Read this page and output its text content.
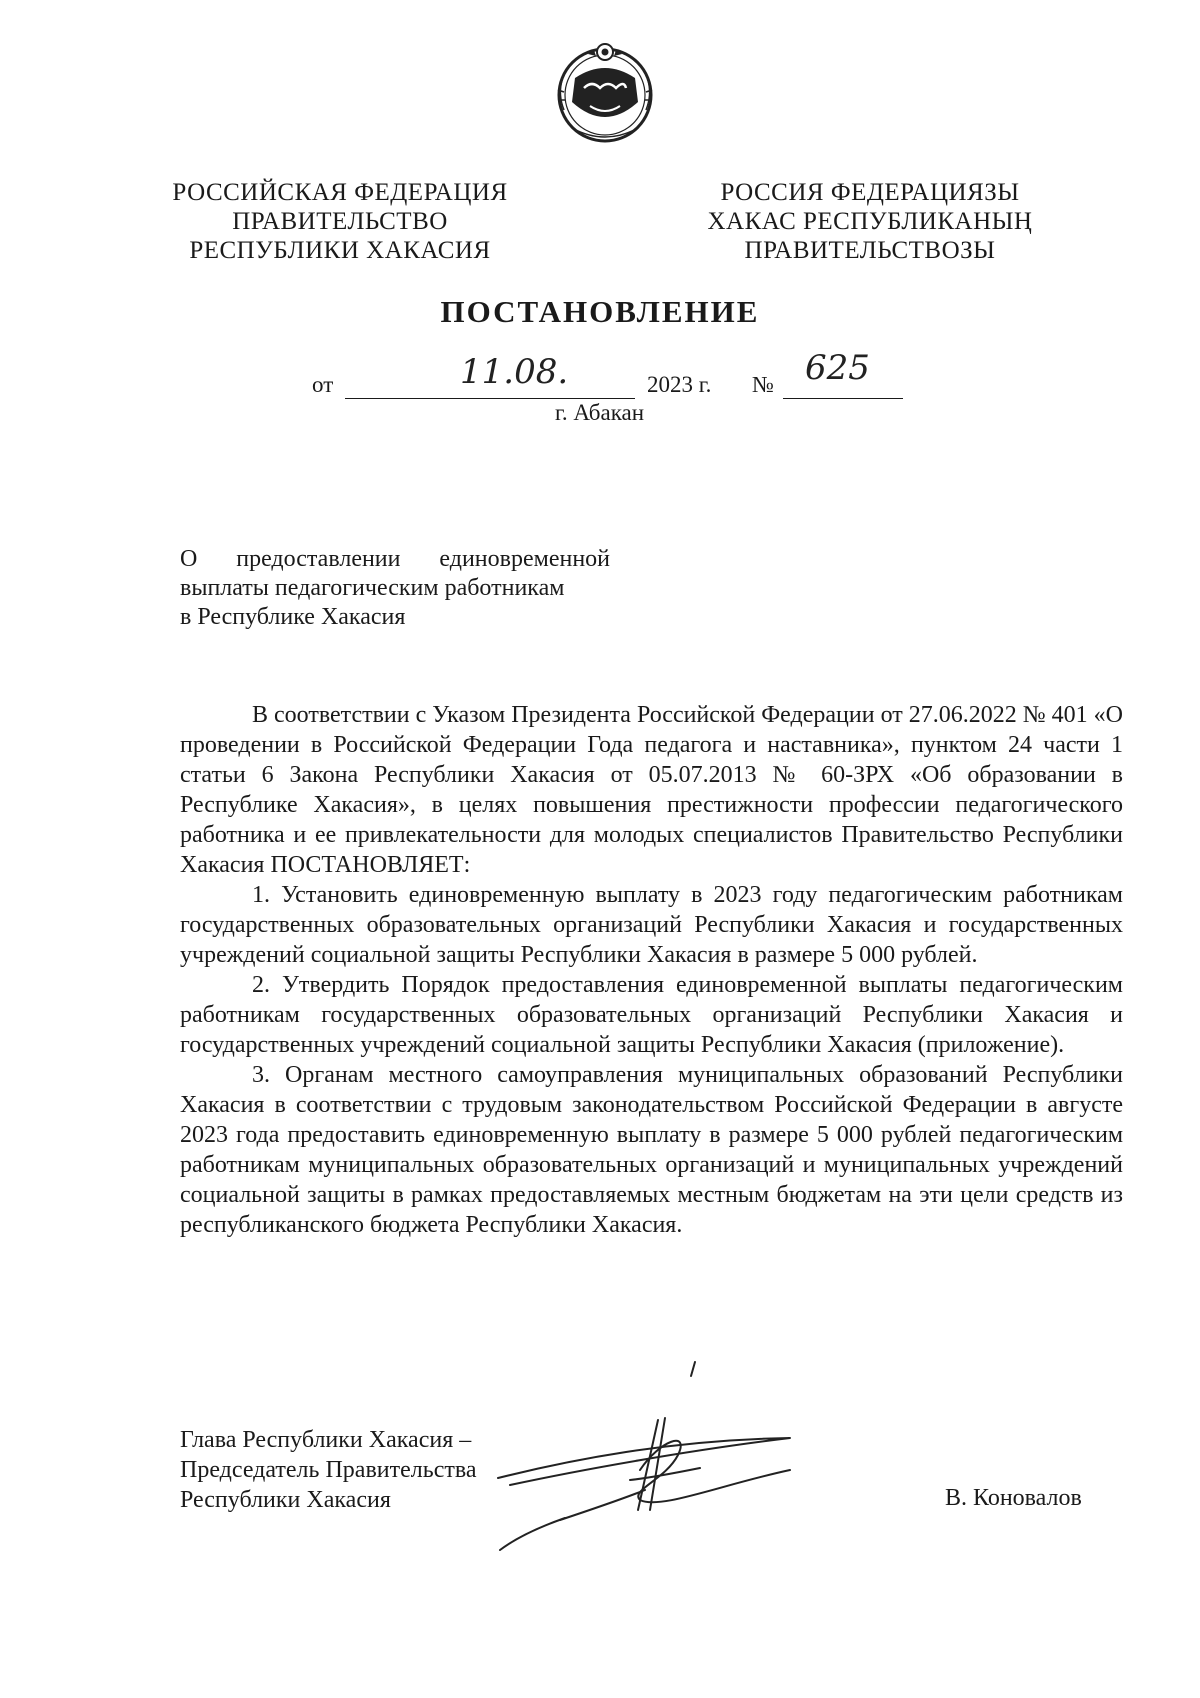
РОССИЙСКАЯ ФЕДЕРАЦИЯ
ПРАВИТЕЛЬСТВО
РЕСПУБЛИКИ ХАКАСИЯ
РОССИЯ ФЕДЕРАЦИЯЗЫ
ХАКАС РЕСПУБЛИКАНЫҢ
ПРАВИТЕЛЬСТВОЗЫ
ПОСТАНОВЛЕНИЕ
от	11.08.	2023 г. № 625
г. Абакан
О предоставлении единовременной
выплаты педагогическим работникам
в Республике Хакасия

В соответствии с Указом Президента Российской Федерации от 27.06.2022 № 401 «О проведении в Российской Федерации Года педагога и наставника», пунктом 24 части 1 статьи 6 Закона Республики Хакасия от 05.07.2013 № 60-ЗРХ «Об образовании в Республике Хакасия», в целях повышения престижности профессии педагогического работника и ее привлекательности для молодых специалистов Правительство Республики Хакасия ПОСТАНОВЛЯЕТ:

1. Установить единовременную выплату в 2023 году педагогическим работникам государственных образовательных организаций Республики Хакасия и государственных учреждений социальной защиты Республики Хакасия в размере 5 000 рублей.

2. Утвердить Порядок предоставления единовременной выплаты педагогическим работникам государственных образовательных организаций Республики Хакасия и государственных учреждений социальной защиты Республики Хакасия (приложение).

3. Органам местного самоуправления муниципальных образований Республики Хакасия в соответствии с трудовым законодательством Российской Федерации в августе 2023 года предоставить единовременную выплату в размере 5 000 рублей педагогическим работникам муниципальных образовательных организаций и муниципальных учреждений социальной защиты в рамках предоставляемых местным бюджетам на эти цели средств из республиканского бюджета Республики Хакасия.

Глава Республики Хакасия –
Председатель Правительства
Республики Хакасия	В. Коновалов
